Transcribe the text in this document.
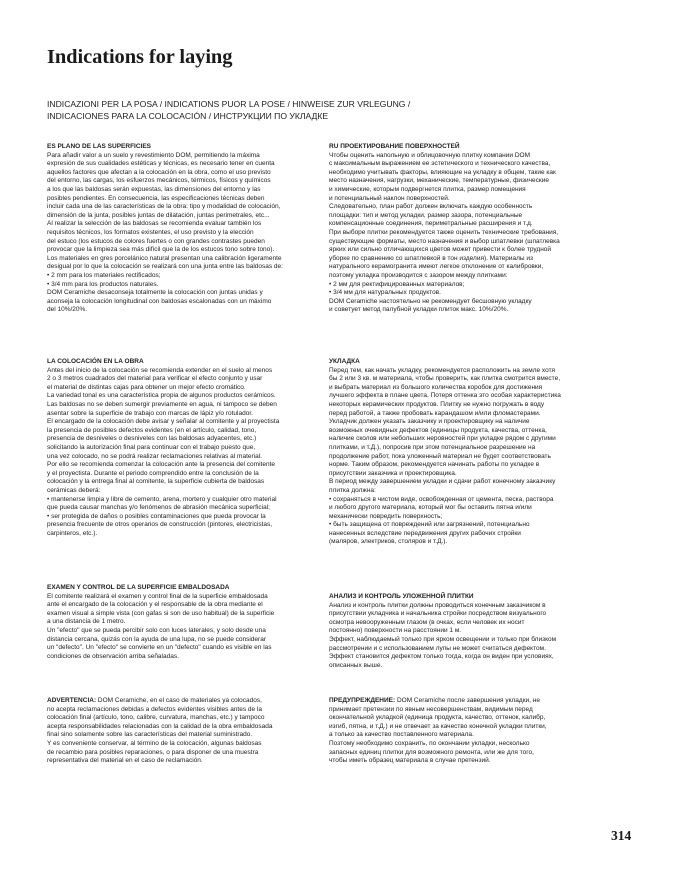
Indications for laying
INDICAZIONI PER LA POSA / INDICATIONS PUOR LA POSE / HINWEISE ZUR VRLEGUNG /
INDICACIONES PARA LA COLOCACIÓN / ИНСТРУКЦИИ ПО УКЛАДКЕ
ES PLANO DE LAS SUPERFICIES

Para añadir valor a un suelo y revestimiento DOM, permitiendo la máxima
expresión de sus cualidades estéticas y técnicas, es necesario tener en cuenta
aquellos factores que afectan a la colocación en la obra, como el uso previsto
del entorno, las cargas, los esfuerzos mecánicos, térmicos, físicos y químicos
a los que las baldosas serán expuestas, las dimensiones del entorno y las
posibles pendientes. En consecuencia, las especificaciones técnicas deben
incluir cada una de las características de la obra: tipo y modalidad de colocación,
dimensión de la junta, posibles juntas de dilatación, juntas perimetrales, etc...
Al realizar la selección de las baldosas se recomienda evaluar también los
requisitos técnicos, los formatos existentes, el uso previsto y la elección
del estuco (los estucos de colores fuertes o con grandes contrastes pueden
provocar que la limpieza sea más difícil que la de los estucos tono sobre tono).
Los materiales en gres porcelánico natural presentan una calibración ligeramente
desigual por lo que la colocación se realizará con una junta entre las baldosas de:
• 2 mm para los materiales rectificados;
• 3/4 mm para los productos naturales.
DOM Ceramiche desaconseja totalmente la colocación con juntas unidas y
aconseja la colocación longitudinal con baldosas escalonadas con un máximo
del 10%/20%.

LA COLOCACIÓN EN LA OBRA

Antes del inicio de la colocación se recomienda extender en el suelo al menos
2 o 3 metros cuadrados del material para verificar el efecto conjunto y usar
el material de distintas cajas para obtener un mejor efecto cromático.
La variedad tonal es una característica propia de algunos productos cerámicos.
Las baldosas no se deben sumergir previamente en agua, ni tampoco se deben
asentar sobre la superficie de trabajo con marcas de lápiz y/o rotulador.
El encargado de la colocación debe avisar y señalar al comitente y al proyectista
la presencia de posibles defectos evidentes (en el artículo, calidad, tono,
presencia de desniveles o desniveles con las baldosas adyacentes, etc.)
solicitando la autorización final para continuar con el trabajo puesto que,
una vez colocado, no se podrá realizar reclamaciones relativas al material.
Por ello se recomienda comenzar la colocación ante la presencia del comitente
y el proyectista. Durante el periodo comprendido entre la conclusión de la
colocación y la entrega final al comitente, la superficie cubierta de baldosas
cerámicas deberá:
• mantenerse limpia y libre de cemento, arena, mortero y cualquier otro material
que pueda causar manchas y/o fenómenos de abrasión mecánica superficial;
• ser protegida de daños o posibles contaminaciones que pueda provocar la
presencia frecuente de otros operarios de construcción (pintores, electricistas,
carpinteros, etc.).

EXAMEN Y CONTROL DE LA SUPERFICIE EMBALDOSADA

El comitente realizará el examen y control final de la superficie embaldosada
ante el encargado de la colocación y el responsable de la obra mediante el
examen visual a simple vista (con gafas si son de uso habitual) de la superficie
a una distancia de 1 metro.
Un "efecto" que se pueda percibir solo con luces laterales, y solo desde una
distancia cercana, quizás con la ayuda de una lupa, no se puede considerar
un "defecto". Un "efecto" se convierte en un "defecto" cuando es visible en las
condiciones de observación arriba señaladas.

ADVERTENCIA: DOM Ceramiche, en el caso de materiales ya colocados,
no acepta reclamaciones debidas a defectos evidentes visibles antes de la
colocación final (artículo, tono, calibre, curvatura, manchas, etc.) y tampoco
acepta responsabilidades relacionadas con la calidad de la obra embaldosada
final sino solamente sobre las características del material suministrado.
Y es conveniente conservar, al término de la colocación, algunas baldosas
de recambio para posibles reparaciones, o para disponer de una muestra
representativa del material en el caso de reclamación.

RU ПРОЕКТИРОВАНИЕ ПОВЕРХНОСТЕЙ

Чтобы оценить напольную и облицовочную плитку компании DOM
с максимальным выражением ее эстетического и технического качества,
необходимо учитывать факторы, влияющие на укладку в общем, такие как
место назначения, нагрузки, механические, температурные, физические
и химические, которым подвергнется плитка, размер помещения
и потенциальный наклон поверхностей.
Следовательно, план работ должен включать каждую особенность
площадки: тип и метод укладки, размер зазора, потенциальные
компенсационные соединения, периметральные расширения и т.д.
При выборе плитки рекомендуется также оценить технические требования,
существующие форматы, место назначения и выбор шпатлевки (шпатлевка
ярких или сильно отличающихся цветов может привести к более трудной
уборке по сравнению со шпатлевкой в тон изделия). Материалы из
натурального керамогранита имеют легкое отклонение от калибровки,
поэтому укладка производится с зазором между плитками:
• 2 мм для ректифицированных материалов;
• 3/4 мм для натуральных продуктов.
DOM Ceramiche настоятельно не рекомендует бесшовную укладку
и советует метод палубной укладки плиток макс. 10%/20%.

УКЛАДКА

Перед тем, как начать укладку, рекомендуется расположить на земле хотя
бы 2 или 3 кв. м материала, чтобы проверить, как плитка смотрится вместе,
и выбрать материал из большого количества коробок для достижения
лучшего эффекта в плане цвета. Потеря оттенка это особая характеристика
некоторых керамических продуктов. Плитку не нужно погружать в воду
перед работой, а также пробовать карандашом и/или фломастерами.
Укладчик должен указать заказчику и проектировщику на наличие
возможных очевидных дефектов (единицы продукта, качества, оттенка,
наличие сколов или небольших неровностей при укладке рядом с другими
плитками, и т.Д.), попросив при этом потенциальное разрешение на
продолжение работ, пока уложенный материал не будет соответствовать
норме. Таким образом, рекомендуется начинать работы по укладке в
присутствии заказчика и проектировщика.
В период между завершением укладки и сдачи работ конечному заказчику
плитка должна:
• сохраняться в чистом виде, освобожденная от цемента, песка, раствора
и любого другого материала, который мог бы оставить пятна и/или
механически повредить поверхность;
• быть защищена от повреждений или загрязнений, потенциально
нанесенных вследствие передвижения других рабочих стройки
(маляров, электриков, столяров и т.Д.).

АНАЛИЗ И КОНТРОЛЬ УЛОЖЕННОЙ ПЛИТКИ

Анализ и контроль плитки должны проводиться конечным заказчиком в
присутствии укладчика и начальника стройки посредством визуального
осмотра невооруженным глазом (в очках, если человек их носит
постоянно) поверхности на расстоянии 1 м.
Эффект, наблюдаемый только при ярком освещении и только при близком
рассмотрении и с использованием лупы не может считаться дефектом.
Эффект становится дефектом только тогда, когда он виден при условиях,
описанных выше.

ПРЕДУПРЕЖДЕНИЕ: DOM Ceramiche после завершения укладки, не
принимает претензии по явным несовершенствам, видимым перед
окончательной укладкой (единица продукта, качество, оттенок, калибр,
изгиб, пятна, и т.Д.) и не отвечает за качество конечной укладки плитки,
а только за качество поставленного материала.
Позтому необходимо сохранить, по окончании укладки, несколько
запасных единиц плитки для возможного ремонта, или же для того,
чтобы иметь образец материала в случае претензий.

314
